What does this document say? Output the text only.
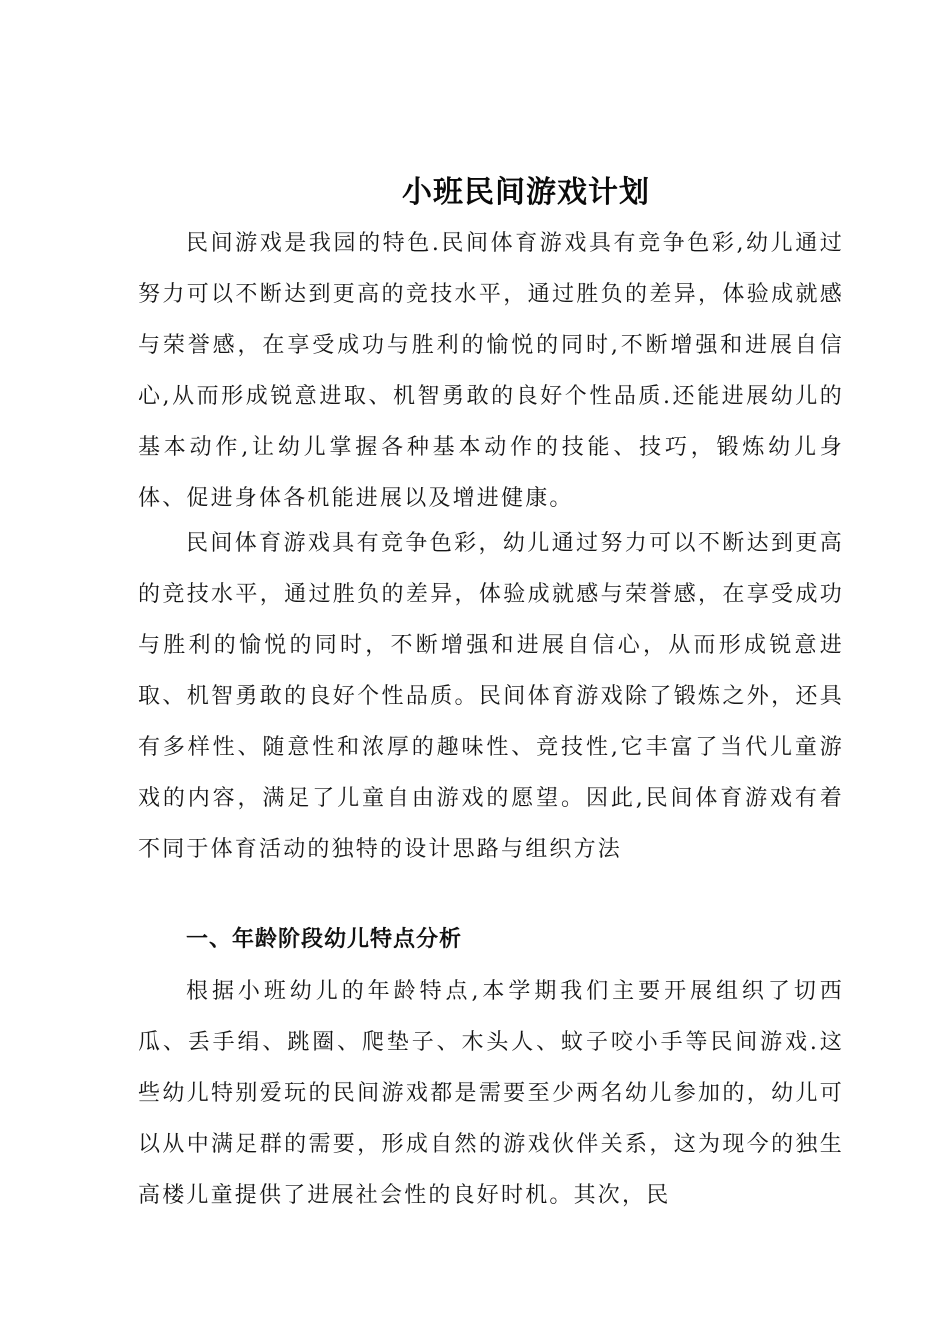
小班民间游戏计划

民间游戏是我园的特色.民间体育游戏具有竞争色彩,幼儿通过努力可以不断达到更高的竞技水平，通过胜负的差异，体验成就感与荣誉感，在享受成功与胜利的愉悦的同时,不断增强和进展自信心,从而形成锐意进取、机智勇敢的良好个性品质.还能进展幼儿的基本动作,让幼儿掌握各种基本动作的技能、技巧，锻炼幼儿身体、促进身体各机能进展以及增进健康。

民间体育游戏具有竞争色彩，幼儿通过努力可以不断达到更高的竞技水平，通过胜负的差异，体验成就感与荣誉感，在享受成功与胜利的愉悦的同时，不断增强和进展自信心，从而形成锐意进取、机智勇敢的良好个性品质。民间体育游戏除了锻炼之外，还具有多样性、随意性和浓厚的趣味性、竞技性,它丰富了当代儿童游戏的内容，满足了儿童自由游戏的愿望。因此,民间体育游戏有着不同于体育活动的独特的设计思路与组织方法

一、年龄阶段幼儿特点分析

根据小班幼儿的年龄特点,本学期我们主要开展组织了切西瓜、丢手绢、跳圈、爬垫子、木头人、蚊子咬小手等民间游戏.这些幼儿特别爱玩的民间游戏都是需要至少两名幼儿参加的，幼儿可以从中满足群的需要，形成自然的游戏伙伴关系，这为现今的独生高楼儿童提供了进展社会性的良好时机。其次，民
